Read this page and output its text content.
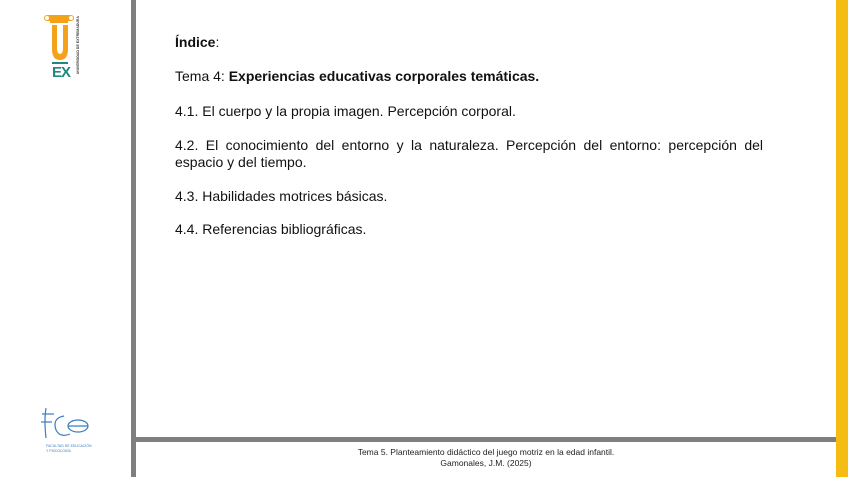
EX UNIVERSIDAD DE EXTREMADURA
FACULTAD DE EDUCACIÓN Y PSICOLOGÍA

Índice:

Tema 4: Experiencias educativas corporales temáticas.

4.1. El cuerpo y la propia imagen. Percepción corporal.

4.2. El conocimiento del entorno y la naturaleza. Percepción del entorno: percepción del espacio y del tiempo.

4.3. Habilidades motrices básicas.

4.4. Referencias bibliográficas.

Tema 5. Planteamiento didáctico del juego motriz en la edad infantil.
Gamonales, J.M. (2025)
